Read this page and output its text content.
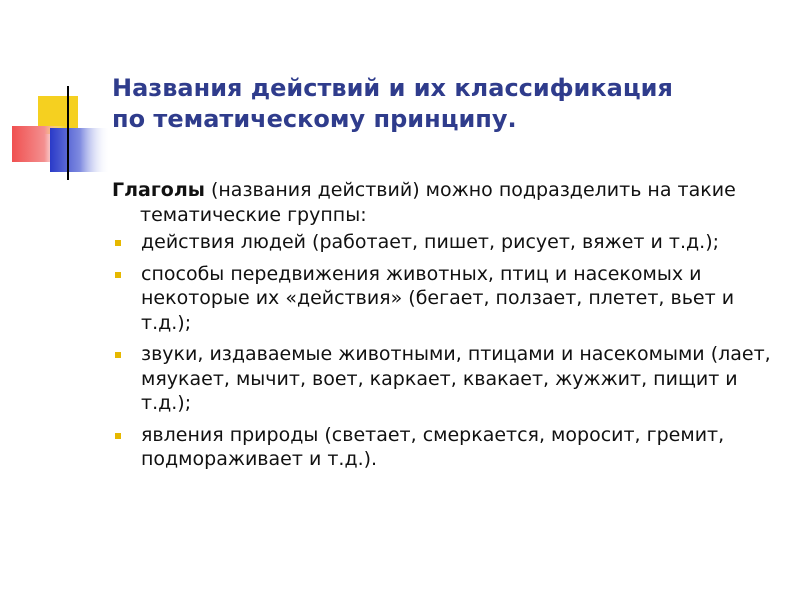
Названия действий и их классификация
по тематическому принципу.

Глаголы (названия действий) можно подразделить на такие тематические группы:

действия людей (работает, пишет, рисует, вяжет и т.д.);
способы передвижения животных, птиц и насекомых и некоторые их «действия» (бегает, ползает, плетет, вьет и т.д.);
звуки, издаваемые животными, птицами и насекомыми (лает, мяукает, мычит, воет, каркает, квакает, жужжит, пищит и т.д.);
явления природы (светает, смеркается, моросит, гремит, подмораживает и т.д.).
